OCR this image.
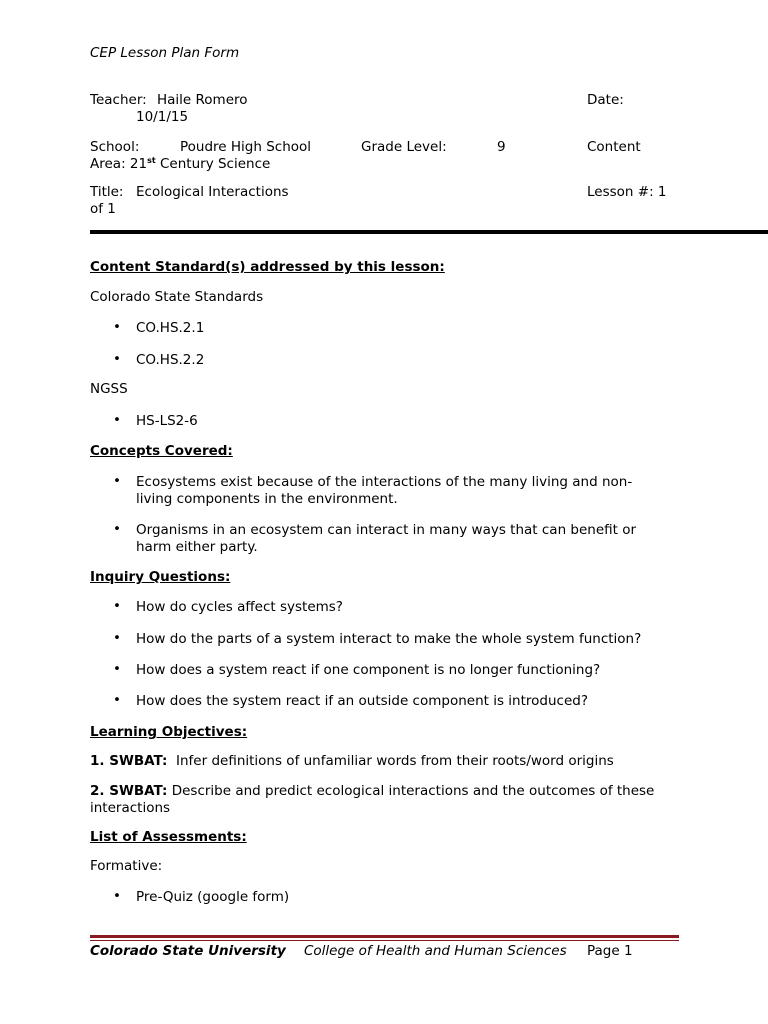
CEP Lesson Plan Form
Teacher: Haile Romero	Date:
10/1/15
School:	Poudre High School	Grade Level:	9	Content
Area: 21st Century Science
Title: Ecological Interactions	Lesson #: 1
of 1
Content Standard(s) addressed by this lesson:
Colorado State Standards
• CO.HS.2.1
• CO.HS.2.2
NGSS
• HS-LS2-6
Concepts Covered:
• Ecosystems exist because of the interactions of the many living and non-
living components in the environment.
• Organisms in an ecosystem can interact in many ways that can benefit or
harm either party.
Inquiry Questions:
• How do cycles affect systems?
• How do the parts of a system interact to make the whole system function?
• How does a system react if one component is no longer functioning?
• How does the system react if an outside component is introduced?
Learning Objectives:
1. SWBAT: Infer definitions of unfamiliar words from their roots/word origins
2. SWBAT: Describe and predict ecological interactions and the outcomes of these
interactions
List of Assessments:
Formative:
• Pre-Quiz (google form)
Colorado State University College of Health and Human Sciences Page 1
